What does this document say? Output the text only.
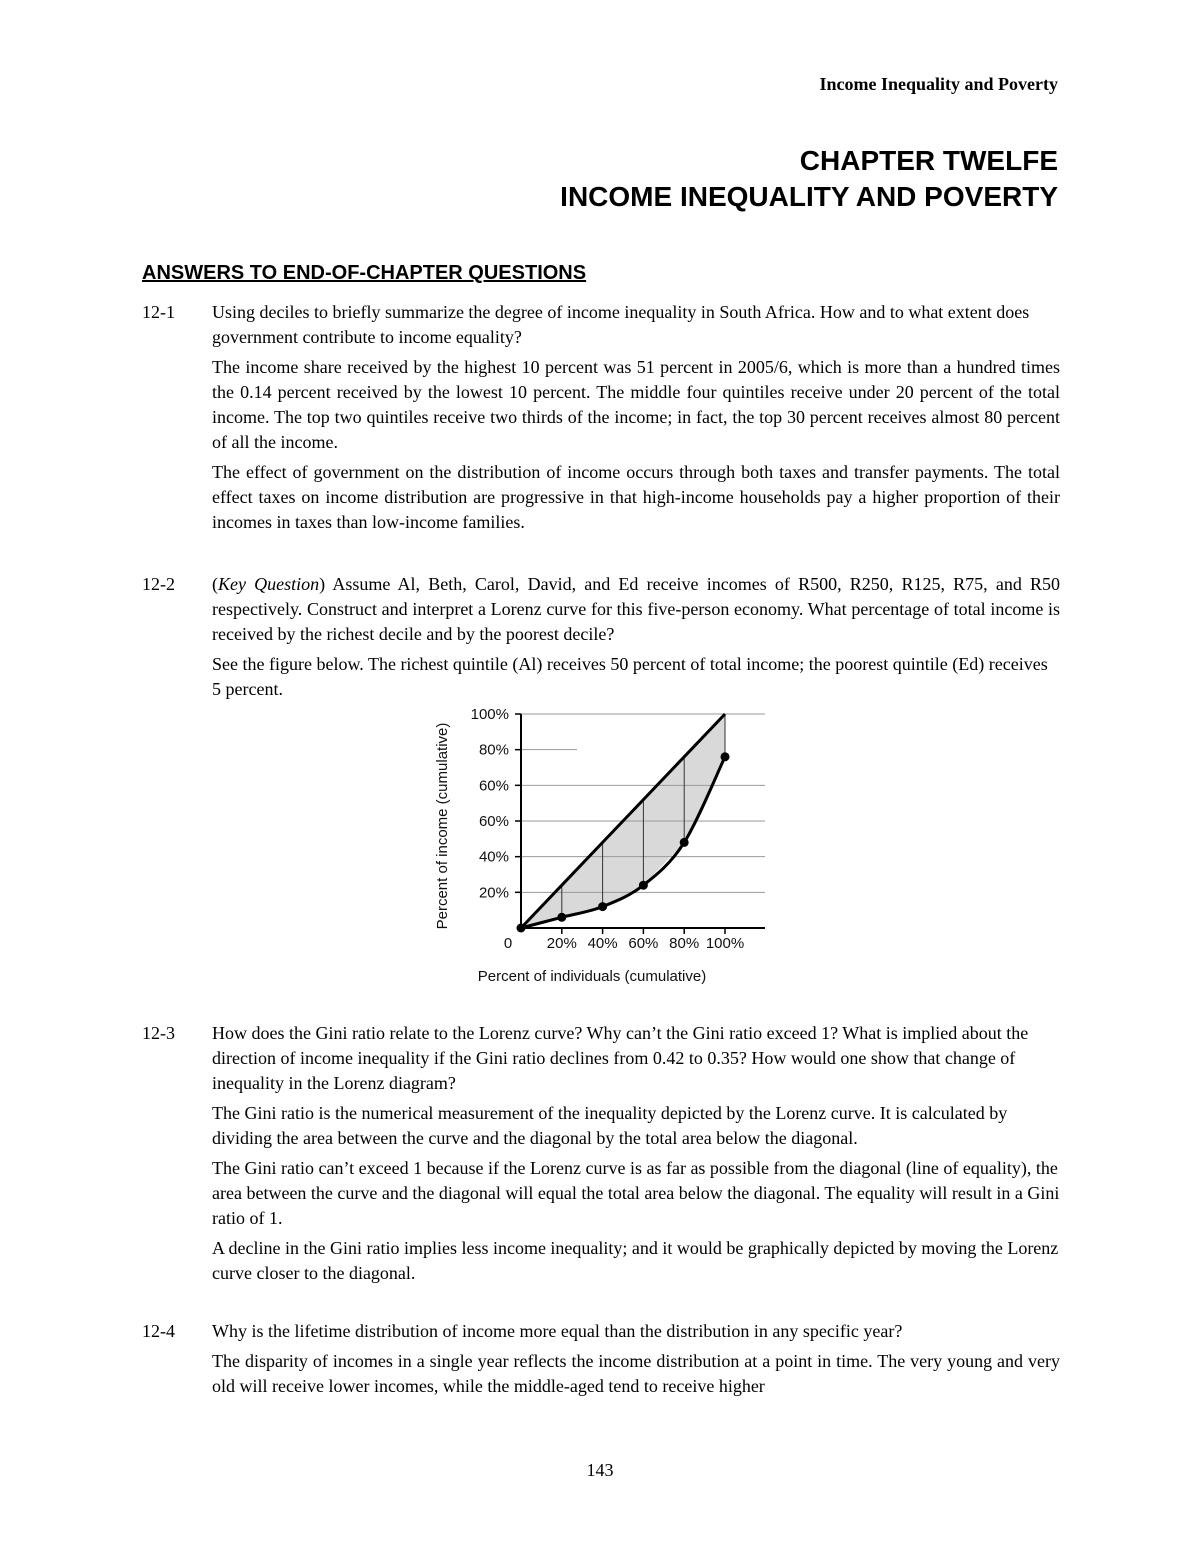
Income Inequality and Poverty
CHAPTER TWELFE
INCOME INEQUALITY AND POVERTY
ANSWERS TO END-OF-CHAPTER QUESTIONS
12-1	Using deciles to briefly summarize the degree of income inequality in South Africa. How and to what extent does government contribute to income equality?

The income share received by the highest 10 percent was 51 percent in 2005/6, which is more than a hundred times the 0.14 percent received by the lowest 10 percent. The middle four quintiles receive under 20 percent of the total income. The top two quintiles receive two thirds of the income; in fact, the top 30 percent receives almost 80 percent of all the income.

The effect of government on the distribution of income occurs through both taxes and transfer payments. The total effect taxes on income distribution are progressive in that high-income households pay a higher proportion of their incomes in taxes than low-income families.

12-2	(Key Question) Assume Al, Beth, Carol, David, and Ed receive incomes of R500, R250, R125, R75, and R50 respectively. Construct and interpret a Lorenz curve for this five-person economy. What percentage of total income is received by the richest decile and by the poorest decile?

See the figure below. The richest quintile (Al) receives 50 percent of total income; the poorest quintile (Ed) receives 5 percent.

0 20% 40% 60% 80% 100%
20%
40%
60%
60%
80%
100%
Percent of individuals (cumulative)
Percent of income (cumulative)
12-3	How does the Gini ratio relate to the Lorenz curve? Why can’t the Gini ratio exceed 1? What is implied about the direction of income inequality if the Gini ratio declines from 0.42 to 0.35? How would one show that change of inequality in the Lorenz diagram?

The Gini ratio is the numerical measurement of the inequality depicted by the Lorenz curve. It is calculated by dividing the area between the curve and the diagonal by the total area below the diagonal.

The Gini ratio can’t exceed 1 because if the Lorenz curve is as far as possible from the diagonal (line of equality), the area between the curve and the diagonal will equal the total area below the diagonal. The equality will result in a Gini ratio of 1.

A decline in the Gini ratio implies less income inequality; and it would be graphically depicted by moving the Lorenz curve closer to the diagonal.

12-4	Why is the lifetime distribution of income more equal than the distribution in any specific year?

The disparity of incomes in a single year reflects the income distribution at a point in time. The very young and very old will receive lower incomes, while the middle-aged tend to receive higher

143
